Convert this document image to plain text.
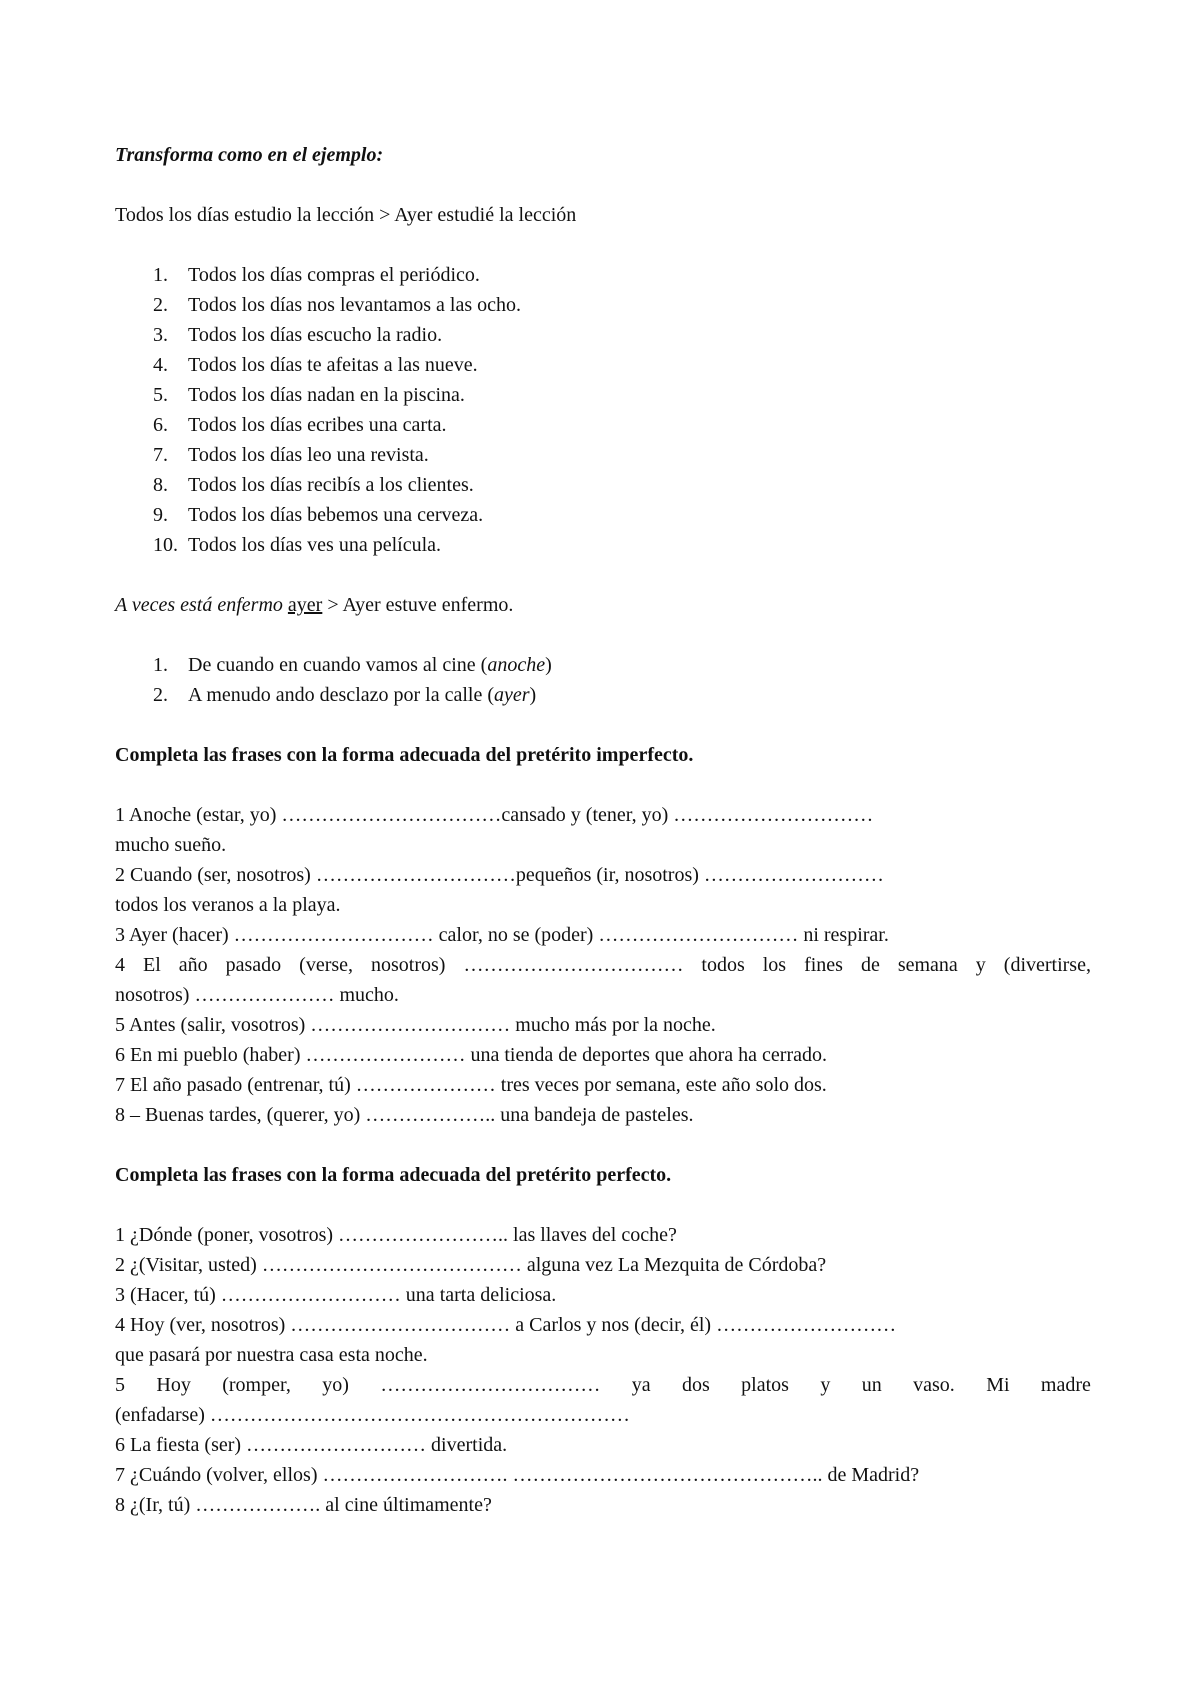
Transforma como en el ejemplo:
Todos los días estudio la lección > Ayer estudié la lección
1.	Todos los días compras el periódico.
2.	Todos los días nos levantamos a las ocho.
3.	Todos los días escucho la radio.
4.	Todos los días te afeitas a las nueve.
5.	Todos los días nadan en la piscina.
6.	Todos los días ecribes una carta.
7.	Todos los días leo una revista.
8.	Todos los días recibís a los clientes.
9.	Todos los días bebemos una cerveza.
10. Todos los días ves una película.
A veces está enfermo ayer > Ayer estuve enfermo.
1.	De cuando en cuando vamos al cine (anoche)
2.	A menudo ando desclazo por la calle (ayer)
Completa las frases con la forma adecuada del pretérito imperfecto.
1 Anoche (estar, yo) ……………………………cansado y (tener, yo) …………………………
mucho sueño.
2 Cuando (ser, nosotros) …………………………pequeños (ir, nosotros) ………………………
todos los veranos a la playa.
3 Ayer (hacer) ………………………… calor, no se (poder) ………………………… ni respirar.
4 El año pasado (verse, nosotros) …………………………… todos los fines de semana y (divertirse,
nosotros) ………………… mucho.
5 Antes (salir, vosotros) ………………………… mucho más por la noche.
6 En mi pueblo (haber) …………………… una tienda de deportes que ahora ha cerrado.
7 El año pasado (entrenar, tú) ………………… tres veces por semana, este año solo dos.
8 – Buenas tardes, (querer, yo) ……………….. una bandeja de pasteles.
Completa las frases con la forma adecuada del pretérito perfecto.
1 ¿Dónde (poner, vosotros) …………………….. las llaves del coche?
2 ¿(Visitar, usted) ………………………………… alguna vez La Mezquita de Córdoba?
3 (Hacer, tú) ……………………… una tarta deliciosa.
4 Hoy (ver, nosotros) …………………………… a Carlos y nos (decir, él) ………………………
que pasará por nuestra casa esta noche.
5 Hoy (romper, yo) …………………………… ya dos platos y un vaso. Mi madre
(enfadarse) ………………………………………………………
6 La fiesta (ser) ……………………… divertida.
7 ¿Cuándo (volver, ellos) ………………………. ……………………………………….. de Madrid?
8 ¿(Ir, tú) ………………. al cine últimamente?
